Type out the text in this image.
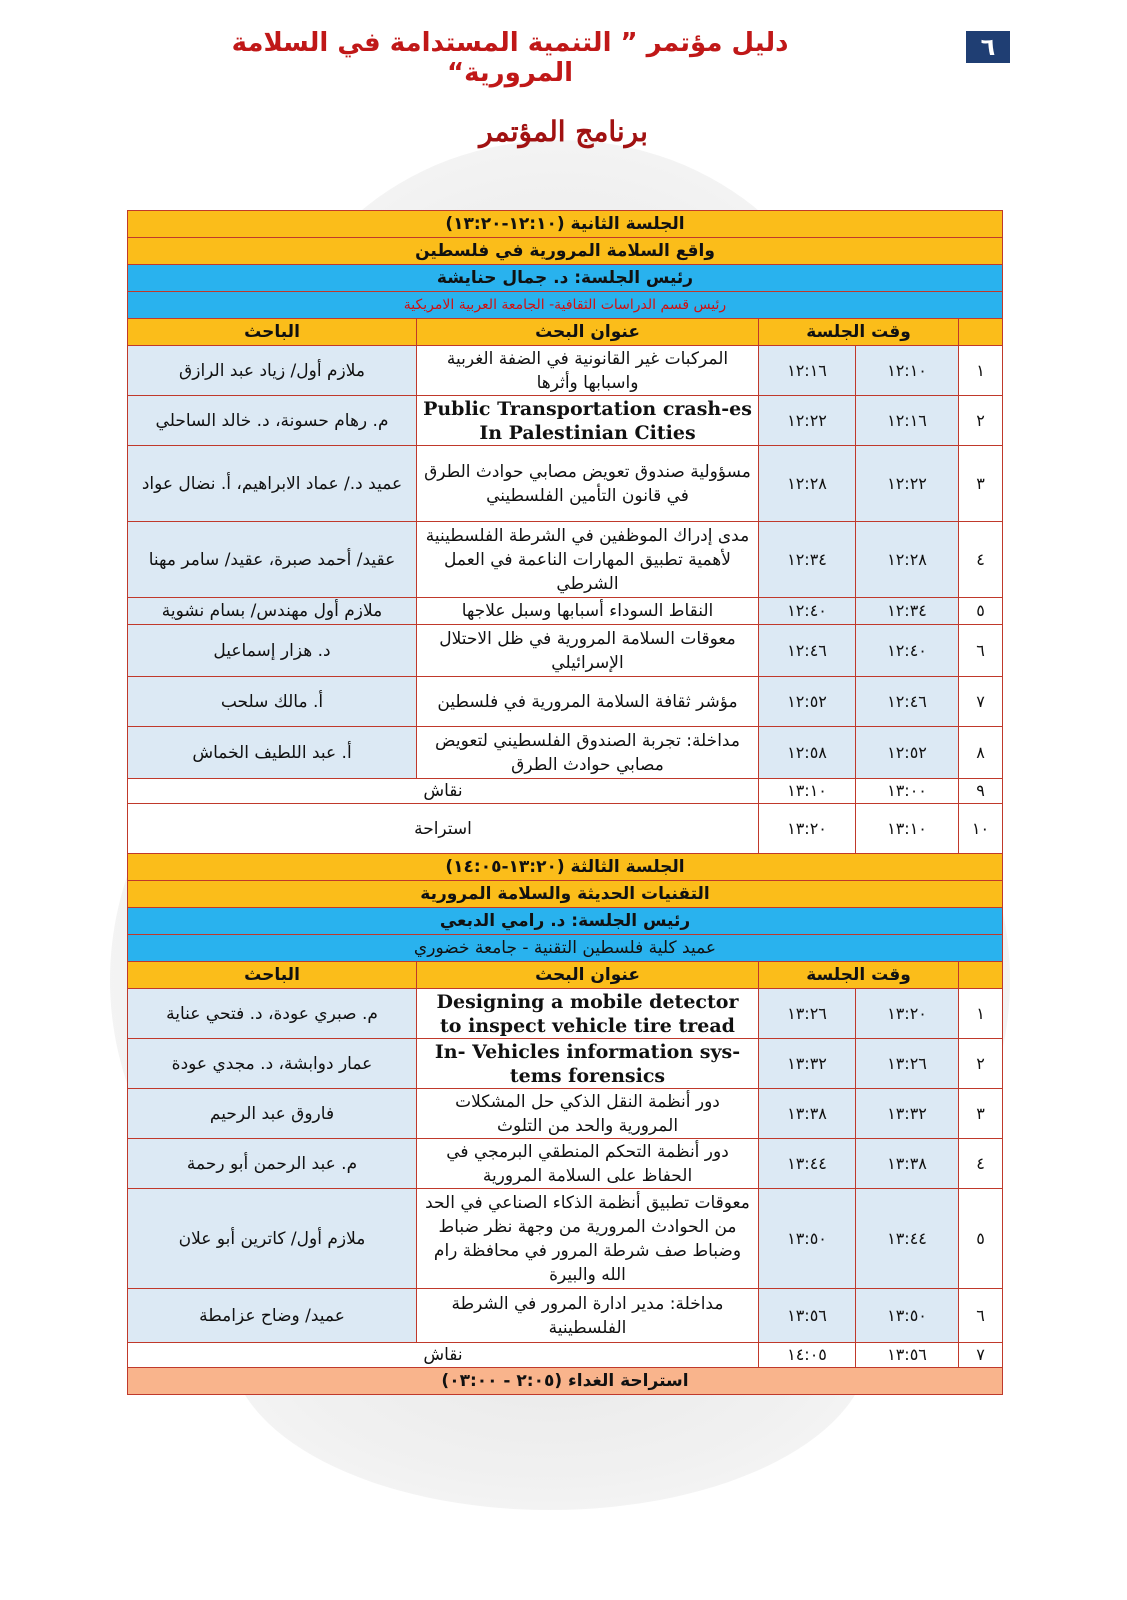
٦
دليل مؤتمر ” التنمية المستدامة في السلامة المرورية“
برنامج المؤتمر
الجلسة الثانية (١٢:١٠-١٣:٢٠)				
واقع السلامة المرورية في فلسطين				
رئيس الجلسة: د. جمال حنايشة				
رئيس قسم الدراسات الثقافية- الجامعة العربية الامريكية				
	وقت الجلسة		عنوان البحث	الباحث
١	١٢:١٠	١٢:١٦	المركبات غير القانونية في الضفة الغربية واسبابها وأثرها	ملازم أول/ زياد عبد الرازق
٢	١٢:١٦	١٢:٢٢	Public Transportation crash-es In Palestinian Cities	م. رهام حسونة، د. خالد الساحلي
٣	١٢:٢٢	١٢:٢٨	مسؤولية صندوق تعويض مصابي حوادث الطرق في قانون التأمين الفلسطيني	عميد د./ عماد الابراهيم، أ. نضال عواد
٤	١٢:٢٨	١٢:٣٤	مدى إدراك الموظفين في الشرطة الفلسطينية لأهمية تطبيق المهارات الناعمة في العمل الشرطي	عقيد/ أحمد صبرة، عقيد/ سامر مهنا
٥	١٢:٣٤	١٢:٤٠	النقاط السوداء أسبابها وسبل علاجها	ملازم أول مهندس/ بسام نشوية
٦	١٢:٤٠	١٢:٤٦	معوقات السلامة المرورية في ظل الاحتلال الإسرائيلي	د. هزار إسماعيل
٧	١٢:٤٦	١٢:٥٢	مؤشر ثقافة السلامة المرورية في فلسطين	أ. مالك سلحب
٨	١٢:٥٢	١٢:٥٨	مداخلة: تجربة الصندوق الفلسطيني لتعويض مصابي حوادث الطرق	أ. عبد اللطيف الخماش
٩	١٣:٠٠	١٣:١٠	نقاش	
١٠	١٣:١٠	١٣:٢٠	استراحة	
الجلسة الثالثة (١٣:٢٠-١٤:٠٥)				
التقنيات الحديثة والسلامة المرورية				
رئيس الجلسة: د. رامي الدبعي				
عميد كلية فلسطين التقنية - جامعة خضوري				
	وقت الجلسة		عنوان البحث	الباحث
١	١٣:٢٠	١٣:٢٦	Designing a mobile detector to inspect vehicle tire tread	م. صبري عودة، د. فتحي عناية
٢	١٣:٢٦	١٣:٣٢	In- Vehicles information sys-tems forensics	عمار دوابشة، د. مجدي عودة
٣	١٣:٣٢	١٣:٣٨	دور أنظمة النقل الذكي حل المشكلات المرورية والحد من التلوث	فاروق عبد الرحيم
٤	١٣:٣٨	١٣:٤٤	دور أنظمة التحكم المنطقي البرمجي في الحفاظ على السلامة المرورية	م. عبد الرحمن أبو رحمة
٥	١٣:٤٤	١٣:٥٠	معوقات تطبيق أنظمة الذكاء الصناعي في الحد من الحوادث المرورية من وجهة نظر ضباط وضباط صف شرطة المرور في محافظة رام الله والبيرة	ملازم أول/ كاترين أبو علان
٦	١٣:٥٠	١٣:٥٦	مداخلة: مدير ادارة المرور في الشرطة الفلسطينية	عميد/ وضاح عزامطة
٧	١٣:٥٦	١٤:٠٥	نقاش	
استراحة الغداء (٢:٠٥ - ٠٣:٠٠)				
